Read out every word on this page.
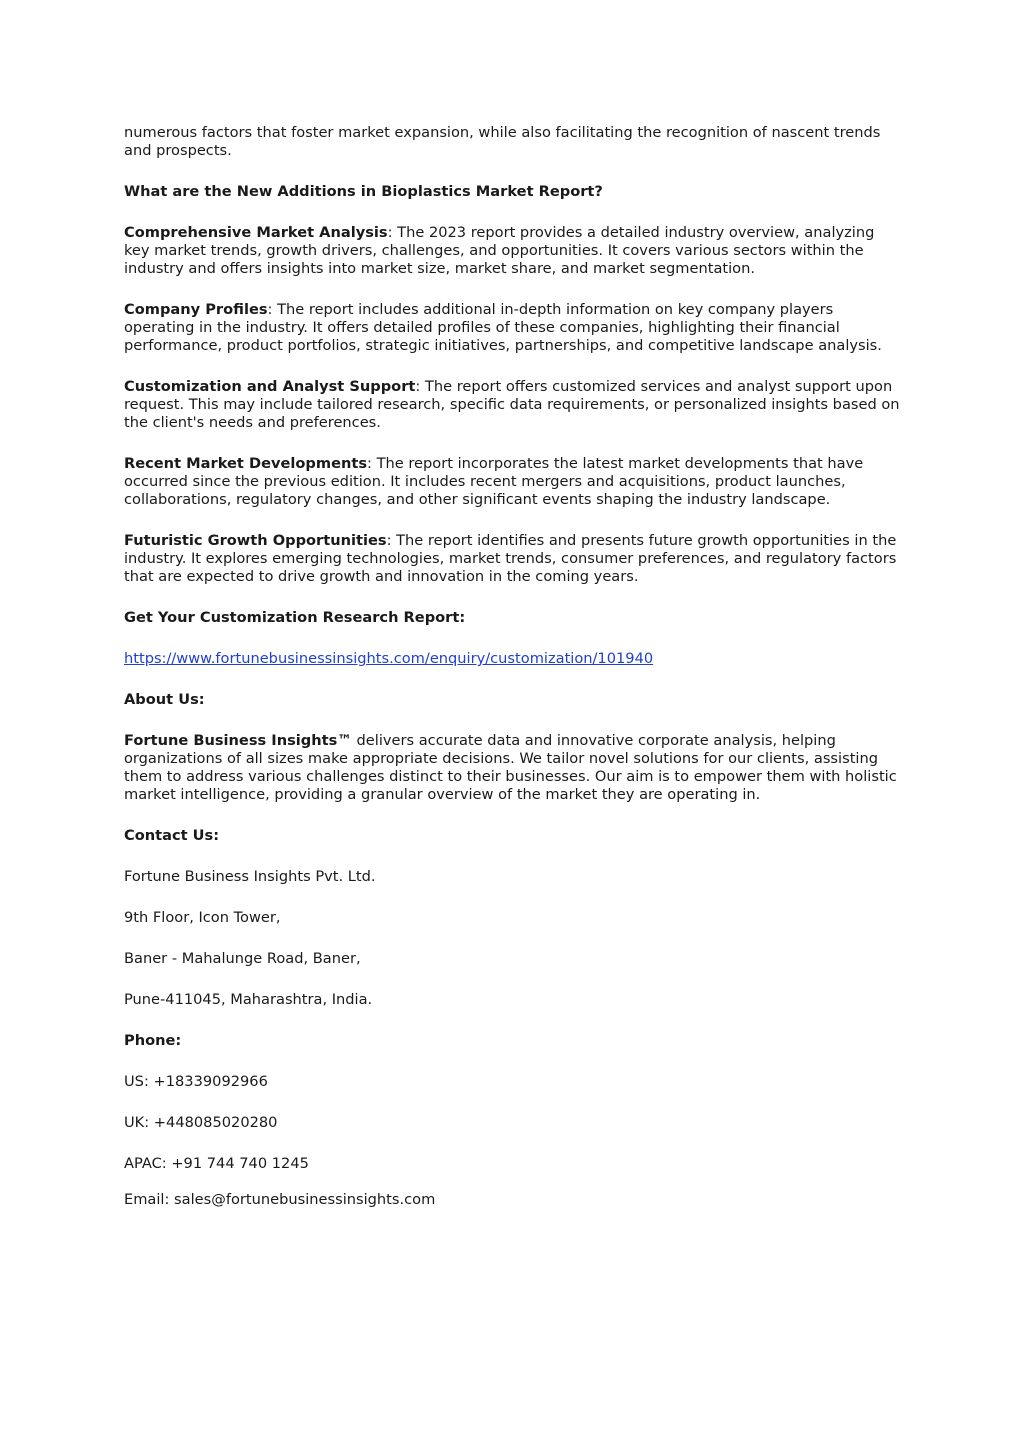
numerous factors that foster market expansion, while also facilitating the recognition of nascent trends and prospects.

What are the New Additions in Bioplastics Market Report?

Comprehensive Market Analysis: The 2023 report provides a detailed industry overview, analyzing key market trends, growth drivers, challenges, and opportunities. It covers various sectors within the industry and offers insights into market size, market share, and market segmentation.

Company Profiles: The report includes additional in-depth information on key company players operating in the industry. It offers detailed profiles of these companies, highlighting their financial performance, product portfolios, strategic initiatives, partnerships, and competitive landscape analysis.

Customization and Analyst Support: The report offers customized services and analyst support upon request. This may include tailored research, specific data requirements, or personalized insights based on the client's needs and preferences.

Recent Market Developments: The report incorporates the latest market developments that have occurred since the previous edition. It includes recent mergers and acquisitions, product launches, collaborations, regulatory changes, and other significant events shaping the industry landscape.

Futuristic Growth Opportunities: The report identifies and presents future growth opportunities in the industry. It explores emerging technologies, market trends, consumer preferences, and regulatory factors that are expected to drive growth and innovation in the coming years.

Get Your Customization Research Report:

https://www.fortunebusinessinsights.com/enquiry/customization/101940

About Us:

Fortune Business Insights™ delivers accurate data and innovative corporate analysis, helping organizations of all sizes make appropriate decisions. We tailor novel solutions for our clients, assisting them to address various challenges distinct to their businesses. Our aim is to empower them with holistic market intelligence, providing a granular overview of the market they are operating in.

Contact Us:

Fortune Business Insights Pvt. Ltd.

9th Floor, Icon Tower,

Baner - Mahalunge Road, Baner,

Pune-411045, Maharashtra, India.

Phone:

US: +18339092966

UK: +448085020280

APAC: +91 744 740 1245

Email: sales@fortunebusinessinsights.com
